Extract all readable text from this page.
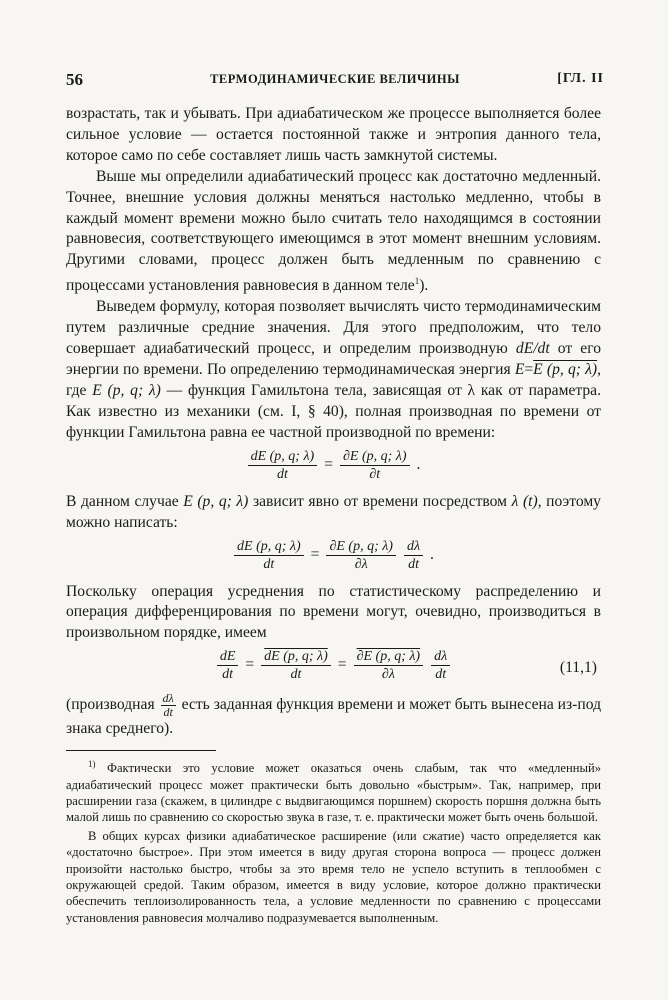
56	ТЕРМОДИНАМИЧЕСКИЕ ВЕЛИЧИНЫ	[ГЛ. II

возрастать, так и убывать. При адиабатическом же процессе выполняется более сильное условие — остается постоянной также и энтропия данного тела, которое само по себе составляет лишь часть замкнутой системы.

Выше мы определили адиабатический процесс как достаточно медленный. Точнее, внешние условия должны меняться настолько медленно, чтобы в каждый момент времени можно было считать тело находящимся в состоянии равновесия, соответствующего имеющимся в этот момент внешним условиям. Другими словами, процесс должен быть медленным по сравнению с процессами установления равновесия в данном теле$^1$).

Выведем формулу, которая позволяет вычислять чисто термодинамическим путем различные средние значения. Для этого предположим, что тело совершает адиабатический процесс, и определим производную dE/dt от его энергии по времени. По определению термодинамическая энергия E=E (p, q; λ), где E (p, q; λ) — функция Гамильтона тела, зависящая от λ как от параметра. Как известно из механики (см. I, § 40), полная производная по времени от функции Гамильтона равна ее частной производной по времени:

$\frac{dE (p, q; \lambda)}{dt} = \frac{\partial E (p, q; \lambda)}{\partial t}$ .

В данном случае E (p, q; λ) зависит явно от времени посредством λ (t), поэтому можно написать:

$\frac{dE (p, q; \lambda)}{dt} = \frac{\partial E (p, q; \lambda)}{\partial\lambda} \frac{d\lambda}{dt}$ .

Поскольку операция усреднения по статистическому распределению и операция дифференцирования по времени могут, очевидно, производиться в произвольном порядке, имеем

$\frac{dE}{dt} = \frac{dE (p, q; \lambda)}{dt} = \frac{\partial E (p, q; \lambda)}{\partial\lambda} \frac{d\lambda}{dt}$	(11,1)

(производная $\frac{d\lambda}{dt}$ есть заданная функция времени и может быть вынесена из-под знака среднего).

$^{1)}$ Фактически это условие может оказаться очень слабым, так что «медленный» адиабатический процесс может практически быть довольно «быстрым». Так, например, при расширении газа (скажем, в цилиндре с выдвигающимся поршнем) скорость поршня должна быть малой лишь по сравнению со скоростью звука в газе, т. е. практически может быть очень большой.

В общих курсах физики адиабатическое расширение (или сжатие) часто определяется как «достаточно быстрое». При этом имеется в виду другая сторона вопроса — процесс должен произойти настолько быстро, чтобы за это время тело не успело вступить в теплообмен с окружающей средой. Таким образом, имеется в виду условие, которое должно практически обеспечить теплоизолированность тела, а условие медленности по сравнению с процессами установления равновесия молчаливо подразумевается выполненным.
